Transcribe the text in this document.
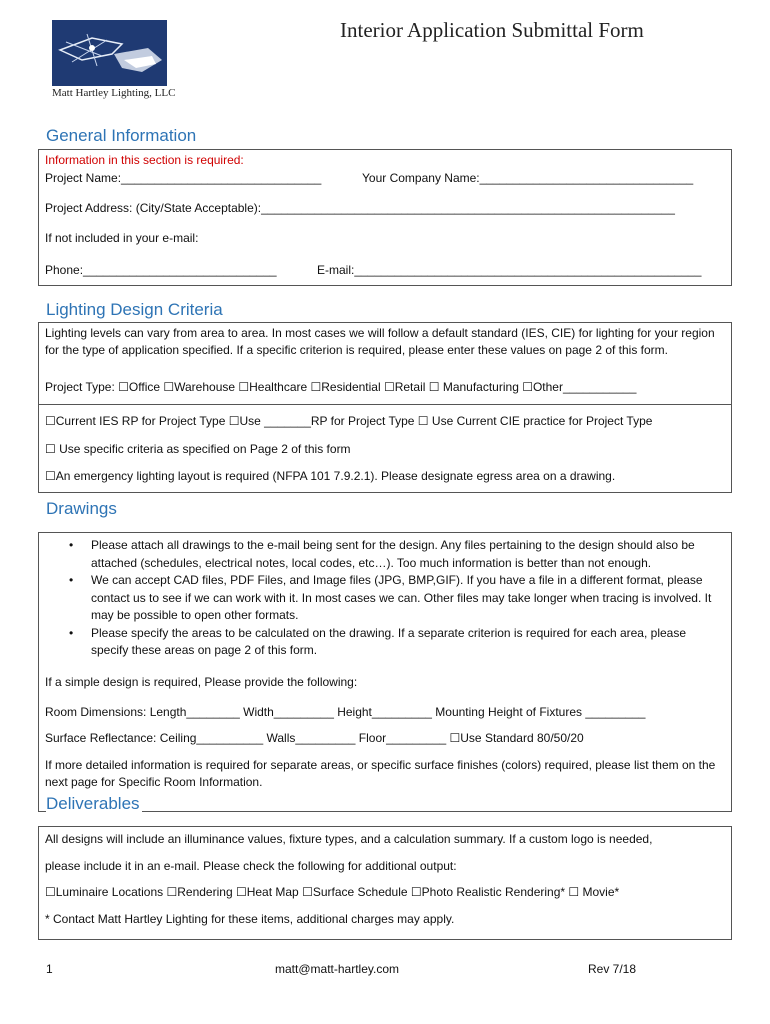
Matt Hartley Lighting, LLC
Interior Application Submittal Form
General Information
Information in this section is required:
Project Name:______________________________	Your Company Name:________________________________
Project Address: (City/State Acceptable):______________________________________________________________
If not included in your e-mail:
Phone:_____________________________	E-mail:____________________________________________________
Lighting Design Criteria
Lighting levels can vary from area to area. In most cases we will follow a default standard (IES, CIE) for lighting for your region for the type of application specified. If a specific criterion is required, please enter these values on page 2 of this form.
Project Type: ☐Office ☐Warehouse ☐Healthcare ☐Residential ☐Retail ☐ Manufacturing ☐Other___________
☐Current IES RP for Project Type ☐Use _______RP for Project Type ☐ Use Current CIE practice for Project Type
☐ Use specific criteria as specified on Page 2 of this form
☐An emergency lighting layout is required (NFPA 101 7.9.2.1). Please designate egress area on a drawing.
Drawings
• Please attach all drawings to the e-mail being sent for the design. Any files pertaining to the design should also be attached (schedules, electrical notes, local codes, etc…). Too much information is better than not enough.
• We can accept CAD files, PDF Files, and Image files (JPG, BMP,GIF). If you have a file in a different format, please contact us to see if we can work with it. In most cases we can. Other files may take longer when tracing is involved. It may be possible to open other formats.
• Please specify the areas to be calculated on the drawing. If a separate criterion is required for each area, please specify these areas on page 2 of this form.
If a simple design is required, Please provide the following:
Room Dimensions: Length________ Width_________ Height_________ Mounting Height of Fixtures _________
Surface Reflectance: Ceiling__________ Walls_________ Floor_________ ☐Use Standard 80/50/20
If more detailed information is required for separate areas, or specific surface finishes (colors) required, please list them on the next page for Specific Room Information.
Deliverables
All designs will include an illuminance values, fixture types, and a calculation summary. If a custom logo is needed,
please include it in an e-mail. Please check the following for additional output:
☐Luminaire Locations ☐Rendering ☐Heat Map ☐Surface Schedule ☐Photo Realistic Rendering* ☐ Movie*
* Contact Matt Hartley Lighting for these items, additional charges may apply.
1	matt@matt-hartley.com	Rev 7/18
